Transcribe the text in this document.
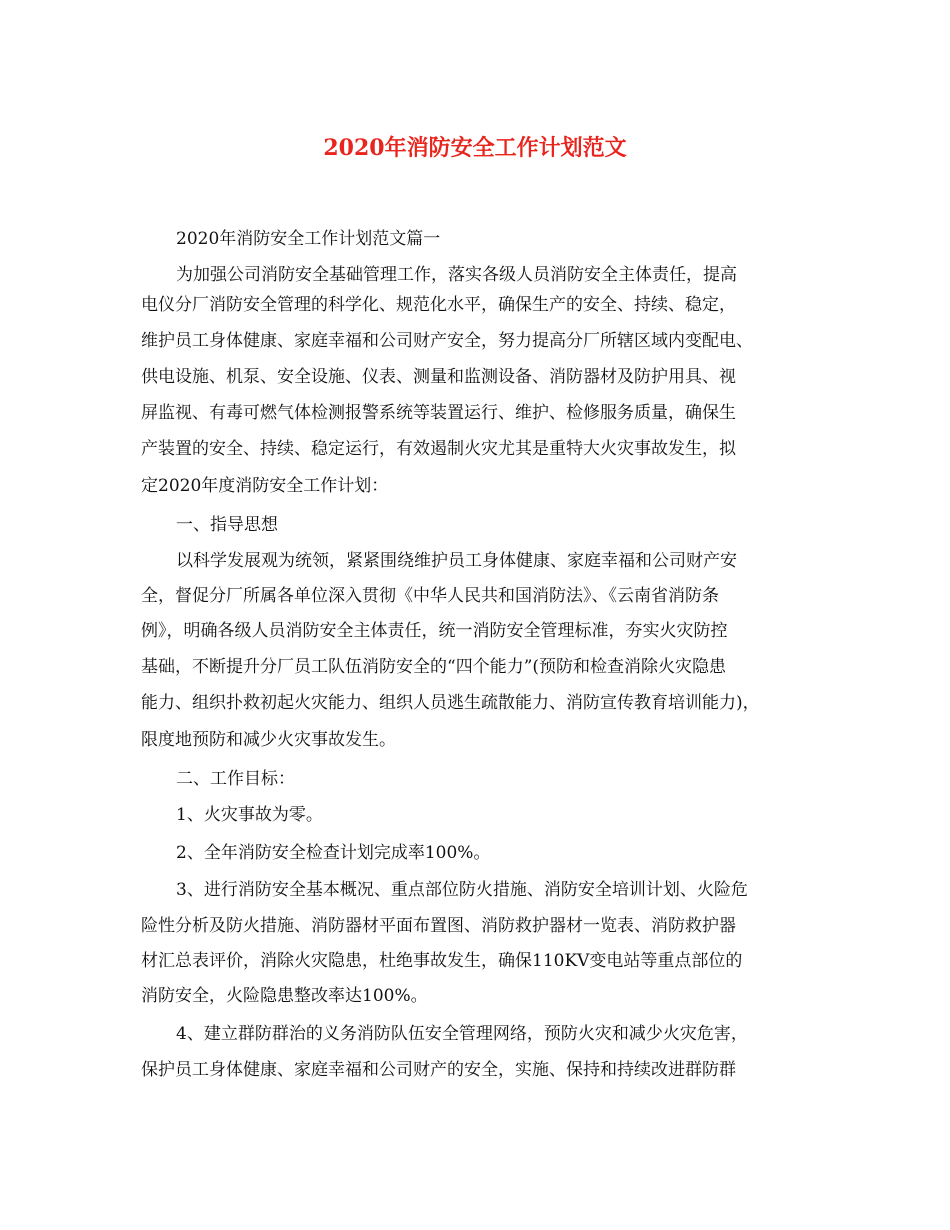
2020年消防安全工作计划范文

2020年消防安全工作计划范文篇一

为加强公司消防安全基础管理工作，落实各级人员消防安全主体责任，提高

电仪分厂消防安全管理的科学化、规范化水平，确保生产的安全、持续、稳定，

维护员工身体健康、家庭幸福和公司财产安全，努力提高分厂所辖区域内变配电、

供电设施、机泵、安全设施、仪表、测量和监测设备、消防器材及防护用具、视

屏监视、有毒可燃气体检测报警系统等装置运行、维护、检修服务质量，确保生

产装置的安全、持续、稳定运行，有效遏制火灾尤其是重特大火灾事故发生，拟

定2020年度消防安全工作计划：

一、指导思想

以科学发展观为统领，紧紧围绕维护员工身体健康、家庭幸福和公司财产安

全，督促分厂所属各单位深入贯彻《中华人民共和国消防法》、《云南省消防条

例》，明确各级人员消防安全主体责任，统一消防安全管理标准，夯实火灾防控

基础，不断提升分厂员工队伍消防安全的“四个能力”(预防和检查消除火灾隐患

能力、组织扑救初起火灾能力、组织人员逃生疏散能力、消防宣传教育培训能力)，

限度地预防和减少火灾事故发生。

二、工作目标：

1、火灾事故为零。

2、全年消防安全检查计划完成率100%。

3、进行消防安全基本概况、重点部位防火措施、消防安全培训计划、火险危

险性分析及防火措施、消防器材平面布置图、消防救护器材一览表、消防救护器

材汇总表评价，消除火灾隐患，杜绝事故发生，确保110KV变电站等重点部位的

消防安全，火险隐患整改率达100%。

4、建立群防群治的义务消防队伍安全管理网络，预防火灾和减少火灾危害，

保护员工身体健康、家庭幸福和公司财产的安全，实施、保持和持续改进群防群
